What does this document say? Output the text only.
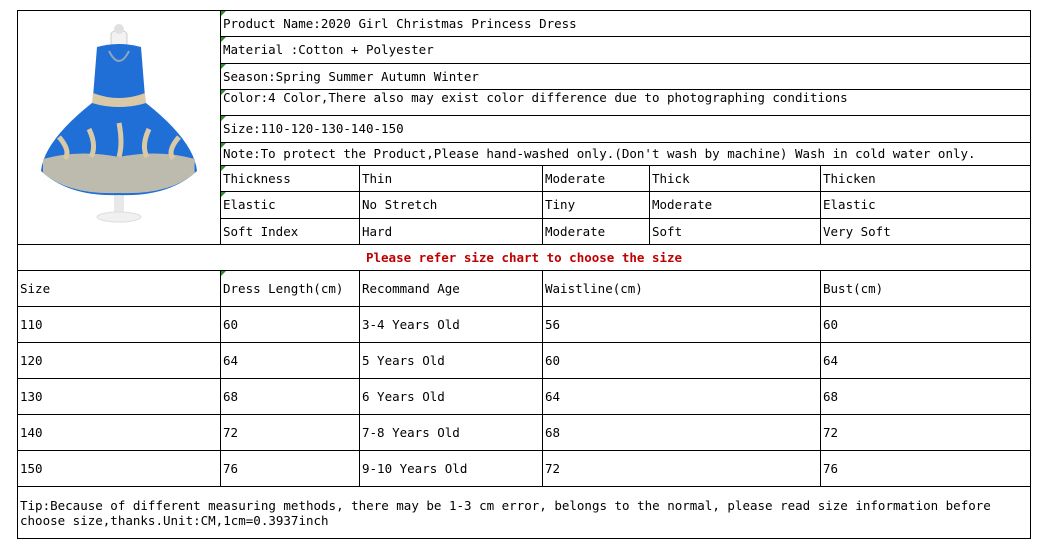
	Product Name:2020 Girl Christmas Princess Dress				
	Material :Cotton + Polyester				
	Season:Spring Summer Autumn Winter				
	Color:4 Color,There also may exist color difference due to photographing conditions				
	Size:110-120-130-140-150				
	Note:To protect the Product,Please hand-washed only.(Don't wash by machine) Wash in cold water only.				
	Thickness	Thin	Moderate	Thick	Thicken
	Elastic	No Stretch	Tiny	Moderate	Elastic
	Soft Index	Hard	Moderate	Soft	Very Soft
Please refer size chart to choose the size					
Size	Dress Length(cm)	Recommand Age	Waistline(cm)		Bust(cm)
110	60	3-4 Years Old	56		60
120	64	5 Years Old	60		64
130	68	6 Years Old	64		68
140	72	7-8 Years Old	68		72
150	76	9-10 Years Old	72		76
Tip:Because of different measuring methods, there may be 1-3 cm error, belongs to the normal, please read size information before choose size,thanks.Unit:CM,1cm=0.3937inch					
